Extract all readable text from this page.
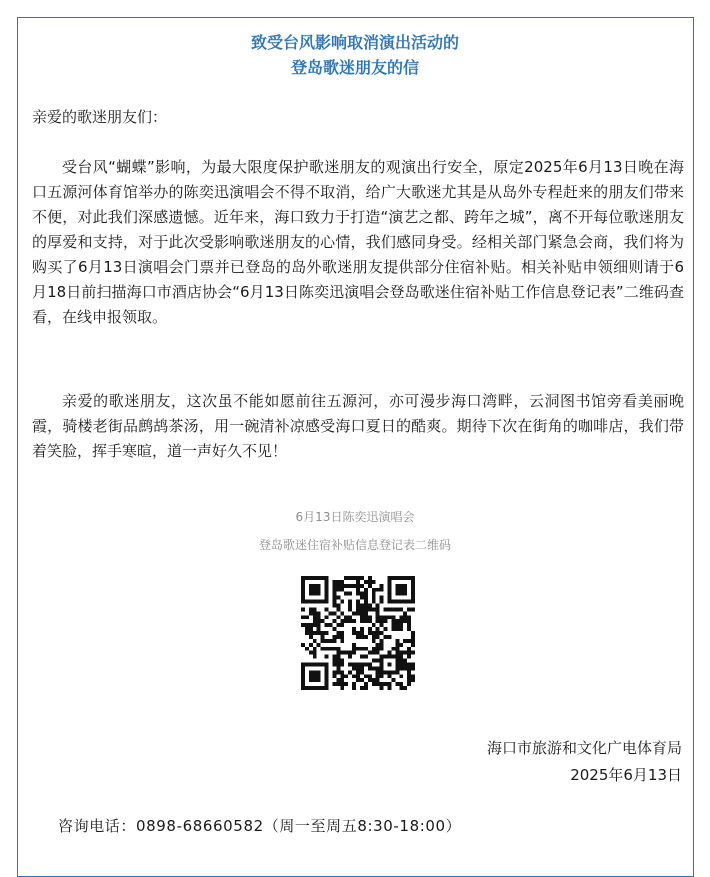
致受台风影响取消演出活动的
登岛歌迷朋友的信
亲爱的歌迷朋友们：

受台风“蝴蝶”影响，为最大限度保护歌迷朋友的观演出行安全，原定2025年6月13日晚在海口五源河体育馆举办的陈奕迅演唱会不得不取消，给广大歌迷尤其是从岛外专程赶来的朋友们带来不便，对此我们深感遗憾。近年来，海口致力于打造“演艺之都、跨年之城”，离不开每位歌迷朋友的厚爱和支持，对于此次受影响歌迷朋友的心情，我们感同身受。经相关部门紧急会商，我们将为购买了6月13日演唱会门票并已登岛的岛外歌迷朋友提供部分住宿补贴。相关补贴申领细则请于6月18日前扫描海口市酒店协会“6月13日陈奕迅演唱会登岛歌迷住宿补贴工作信息登记表”二维码查看，在线申报领取。

亲爱的歌迷朋友，这次虽不能如愿前往五源河，亦可漫步海口湾畔，云洞图书馆旁看美丽晚霞，骑楼老街品鹧鸪茶汤，用一碗清补凉感受海口夏日的酷爽。期待下次在街角的咖啡店，我们带着笑脸，挥手寒暄，道一声好久不见！

6月13日陈奕迅演唱会
登岛歌迷住宿补贴信息登记表二维码
海口市旅游和文化广电体育局
2025年6月13日
咨询电话：0898-68660582（周一至周五8:30-18:00）
